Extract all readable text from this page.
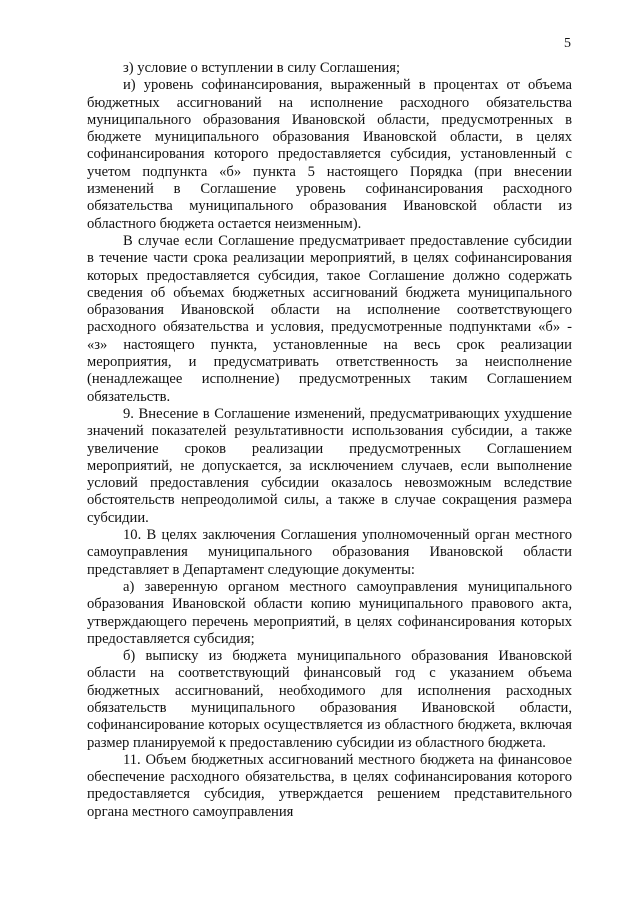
5

з) условие о вступлении в силу Соглашения;

и) уровень софинансирования, выраженный в процентах от объема бюджетных ассигнований на исполнение расходного обязательства муниципального образования Ивановской области, предусмотренных в бюджете муниципального образования Ивановской области, в целях софинансирования которого предоставляется субсидия, установленный с учетом подпункта «б» пункта 5 настоящего Порядка (при внесении изменений в Соглашение уровень софинансирования расходного обязательства муниципального образования Ивановской области из областного бюджета остается неизменным).

В случае если Соглашение предусматривает предоставление субсидии в течение части срока реализации мероприятий, в целях софинансирования которых предоставляется субсидия, такое Соглашение должно содержать сведения об объемах бюджетных ассигнований бюджета муниципального образования Ивановской области на исполнение соответствующего расходного обязательства и условия, предусмотренные подпунктами «б» - «з» настоящего пункта, установленные на весь срок реализации мероприятия, и предусматривать ответственность за неисполнение (ненадлежащее исполнение) предусмотренных таким Соглашением обязательств.

9. Внесение в Соглашение изменений, предусматривающих ухудшение значений показателей результативности использования субсидии, а также увеличение сроков реализации предусмотренных Соглашением мероприятий, не допускается, за исключением случаев, если выполнение условий предоставления субсидии оказалось невозможным вследствие обстоятельств непреодолимой силы, а также в случае сокращения размера субсидии.

10. В целях заключения Соглашения уполномоченный орган местного самоуправления муниципального образования Ивановской области представляет в Департамент следующие документы:

а) заверенную органом местного самоуправления муниципального образования Ивановской области копию муниципального правового акта, утверждающего перечень мероприятий, в целях софинансирования которых предоставляется субсидия;

б) выписку из бюджета муниципального образования Ивановской области на соответствующий финансовый год с указанием объема бюджетных ассигнований, необходимого для исполнения расходных обязательств муниципального образования Ивановской области, софинансирование которых осуществляется из областного бюджета, включая размер планируемой к предоставлению субсидии из областного бюджета.

11. Объем бюджетных ассигнований местного бюджета на финансовое обеспечение расходного обязательства, в целях софинансирования которого предоставляется субсидия, утверждается решением представительного органа местного самоуправления
